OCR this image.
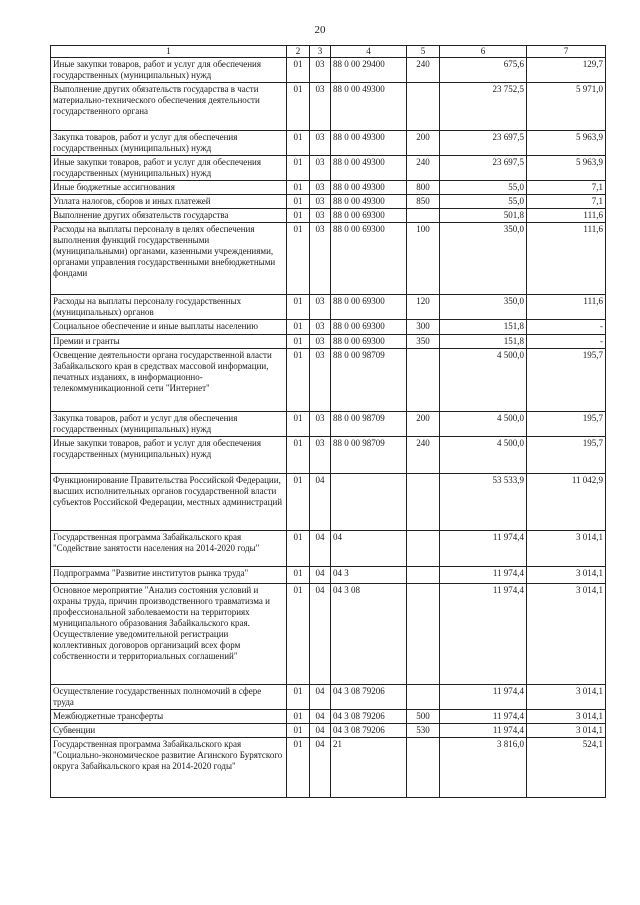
20
1	2	3	4	5	6	7
Иные закупки товаров, работ и услуг для обеспечения государственных (муниципальных) нужд	01	03	88 0 00 29400	240	675,6	129,7
Выполнение других обязательств государства в части материально-технического обеспечения деятельности государственного органа	01	03	88 0 00 49300		23 752,5	5 971,0
Закупка товаров, работ и услуг для обеспечения государственных (муниципальных) нужд	01	03	88 0 00 49300	200	23 697,5	5 963,9
Иные закупки товаров, работ и услуг для обеспечения государственных (муниципальных) нужд	01	03	88 0 00 49300	240	23 697,5	5 963,9
Иные бюджетные ассигнования	01	03	88 0 00 49300	800	55,0	7,1
Уплата налогов, сборов и иных платежей	01	03	88 0 00 49300	850	55,0	7,1
Выполнение других обязательств государства	01	03	88 0 00 69300		501,8	111,6
Расходы на выплаты персоналу в целях обеспечения выполнения функций государственными (муниципальными) органами, казенными учреждениями, органами управления государственными внебюджетными фондами	01	03	88 0 00 69300	100	350,0	111,6
Расходы на выплаты персоналу государственных (муниципальных) органов	01	03	88 0 00 69300	120	350,0	111,6
Социальное обеспечение и иные выплаты населению	01	03	88 0 00 69300	300	151,8	-
Премии и гранты	01	03	88 0 00 69300	350	151,8	-
Освещение деятельности органа государственной власти Забайкальского края в средствах массовой информации, печатных изданиях, в информационно-телекоммуникационной сети "Интернет"	01	03	88 0 00 98709		4 500,0	195,7
Закупка товаров, работ и услуг для обеспечения государственных (муниципальных) нужд	01	03	88 0 00 98709	200	4 500,0	195,7
Иные закупки товаров, работ и услуг для обеспечения государственных (муниципальных) нужд	01	03	88 0 00 98709	240	4 500,0	195,7
Функционирование Правительства Российской Федерации, высших исполнительных органов государственной власти субъектов Российской Федерации, местных администраций	01	04			53 533,9	11 042,9
Государственная программа Забайкальского края "Содействие занятости населения на 2014-2020 годы"	01	04	04		11 974,4	3 014,1
Подпрограмма "Развитие институтов рынка труда"	01	04	04 3		11 974,4	3 014,1
Основное мероприятие "Анализ состояния условий и охраны труда, причин производственного травматизма и профессиональной заболеваемости на территориях муниципального образования Забайкальского края. Осуществление уведомительной регистрации коллективных договоров организаций всех форм собственности и территориальных соглашений"	01	04	04 3 08		11 974,4	3 014,1
Осуществление государственных полномочий в сфере труда	01	04	04 3 08 79206		11 974,4	3 014,1
Межбюджетные трансферты	01	04	04 3 08 79206	500	11 974,4	3 014,1
Субвенции	01	04	04 3 08 79206	530	11 974,4	3 014,1
Государственная программа Забайкальского края "Социально-экономическое развитие Агинского Бурятского округа Забайкальского края на 2014-2020 годы"	01	04	21		3 816,0	524,1
